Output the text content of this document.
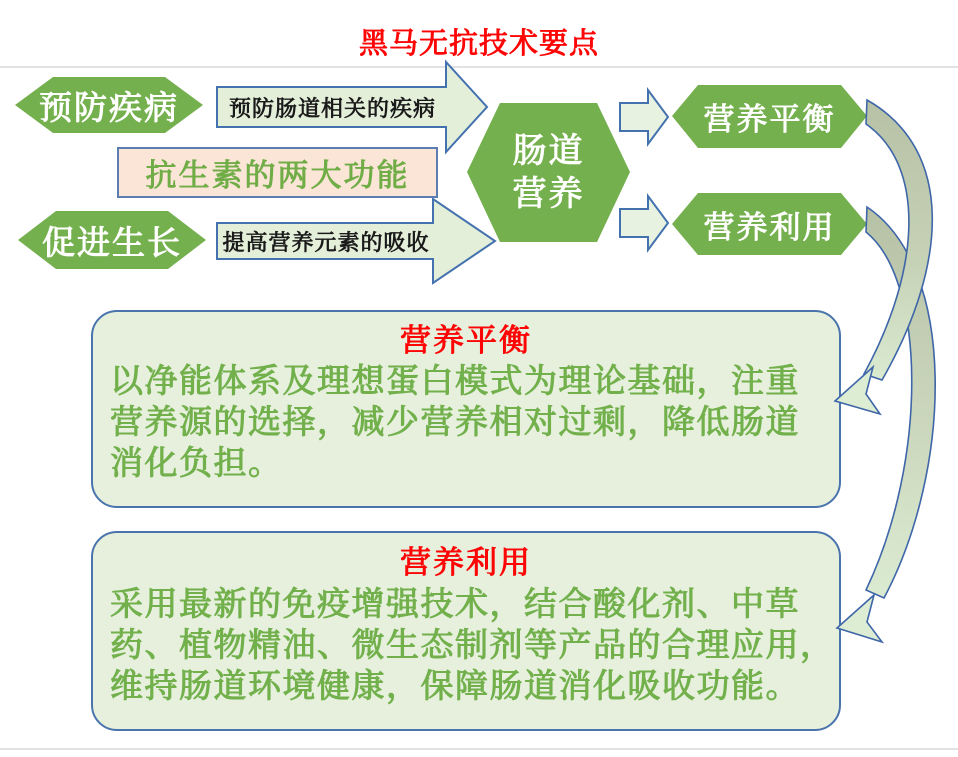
黑马无抗技术要点
预防疾病
促进生长
预防肠道相关的疾病
提高营养元素的吸收
抗生素的两大功能
肠道
营养
营养平衡
营养利用
营养平衡
以净能体系及理想蛋白模式为理论基础，注重
营养源的选择，减少营养相对过剩，降低肠道
消化负担。
营养利用
采用最新的免疫增强技术，结合酸化剂、中草
药、植物精油、微生态制剂等产品的合理应用，
维持肠道环境健康，保障肠道消化吸收功能。
